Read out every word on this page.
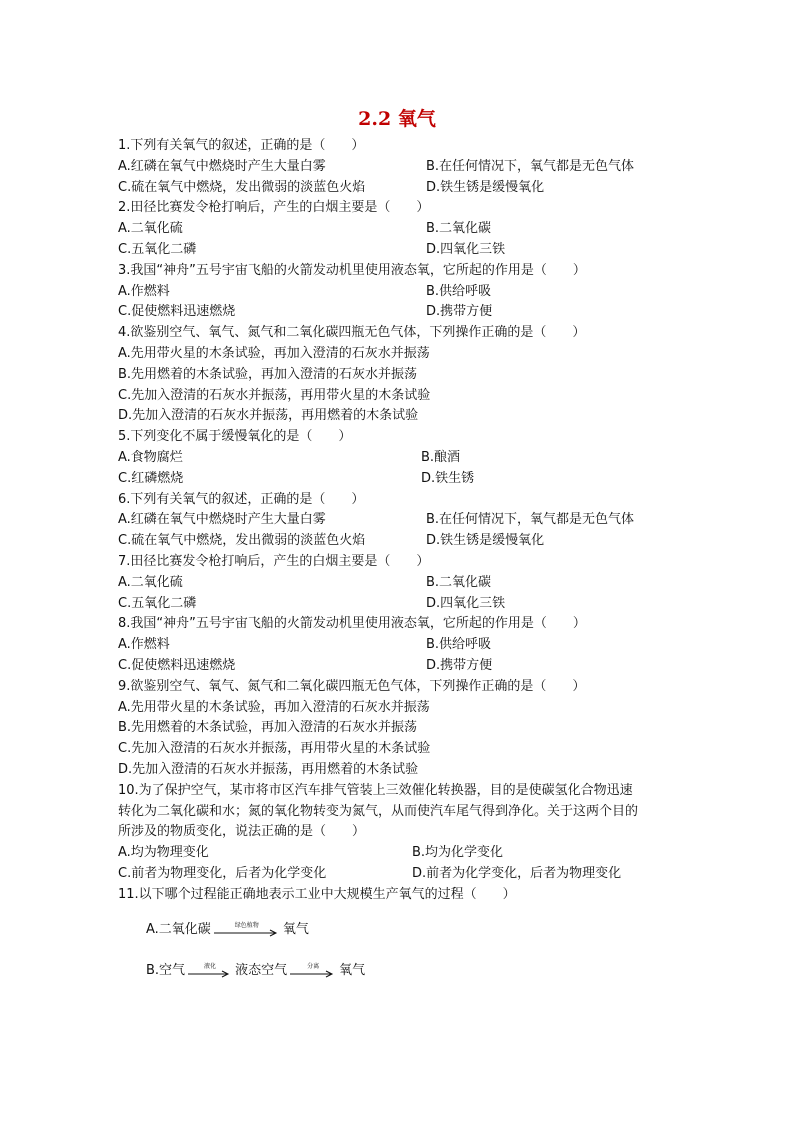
2.2 氧气
1.下列有关氧气的叙述，正确的是（　　）
A.红磷在氧气中燃烧时产生大量白雾	B.在任何情况下，氧气都是无色气体
C.硫在氧气中燃烧，发出微弱的淡蓝色火焰	D.铁生锈是缓慢氧化
2.田径比赛发令枪打响后，产生的白烟主要是（　　）
A.二氧化硫	B.二氧化碳
C.五氧化二磷	D.四氧化三铁
3.我国“神舟”五号宇宙飞船的火箭发动机里使用液态氧，它所起的作用是（　　）
A.作燃料	B.供给呼吸
C.促使燃料迅速燃烧	D.携带方便
4.欲鉴别空气、氧气、氮气和二氧化碳四瓶无色气体，下列操作正确的是（　　）
A.先用带火星的木条试验，再加入澄清的石灰水并振荡
B.先用燃着的木条试验，再加入澄清的石灰水并振荡
C.先加入澄清的石灰水并振荡，再用带火星的木条试验
D.先加入澄清的石灰水并振荡，再用燃着的木条试验
5.下列变化不属于缓慢氧化的是（　　）
A.食物腐烂	B.酿酒
C.红磷燃烧	D.铁生锈
6.下列有关氧气的叙述，正确的是（　　）
A.红磷在氧气中燃烧时产生大量白雾	B.在任何情况下，氧气都是无色气体
C.硫在氧气中燃烧，发出微弱的淡蓝色火焰	D.铁生锈是缓慢氧化
7.田径比赛发令枪打响后，产生的白烟主要是（　　）
A.二氧化硫	B.二氧化碳
C.五氧化二磷	D.四氧化三铁
8.我国“神舟”五号宇宙飞船的火箭发动机里使用液态氧，它所起的作用是（　　）
A.作燃料	B.供给呼吸
C.促使燃料迅速燃烧	D.携带方便
9.欲鉴别空气、氧气、氮气和二氧化碳四瓶无色气体，下列操作正确的是（　　）
A.先用带火星的木条试验，再加入澄清的石灰水并振荡
B.先用燃着的木条试验，再加入澄清的石灰水并振荡
C.先加入澄清的石灰水并振荡，再用带火星的木条试验
D.先加入澄清的石灰水并振荡，再用燃着的木条试验
10.为了保护空气，某市将市区汽车排气管装上三效催化转换器，目的是使碳氢化合物迅速
转化为二氧化碳和水；氮的氧化物转变为氮气，从而使汽车尾气得到净化。关于这两个目的
所涉及的物质变化，说法正确的是（　　）
A.均为物理变化	B.均为化学变化
C.前者为物理变化，后者为化学变化	D.前者为化学变化，后者为物理变化
11.以下哪个过程能正确地表示工业中大规模生产氧气的过程（　　）
A.二氧化碳	绿色植物 氧气
B.空气	液化 液态空气	分离 氧气
